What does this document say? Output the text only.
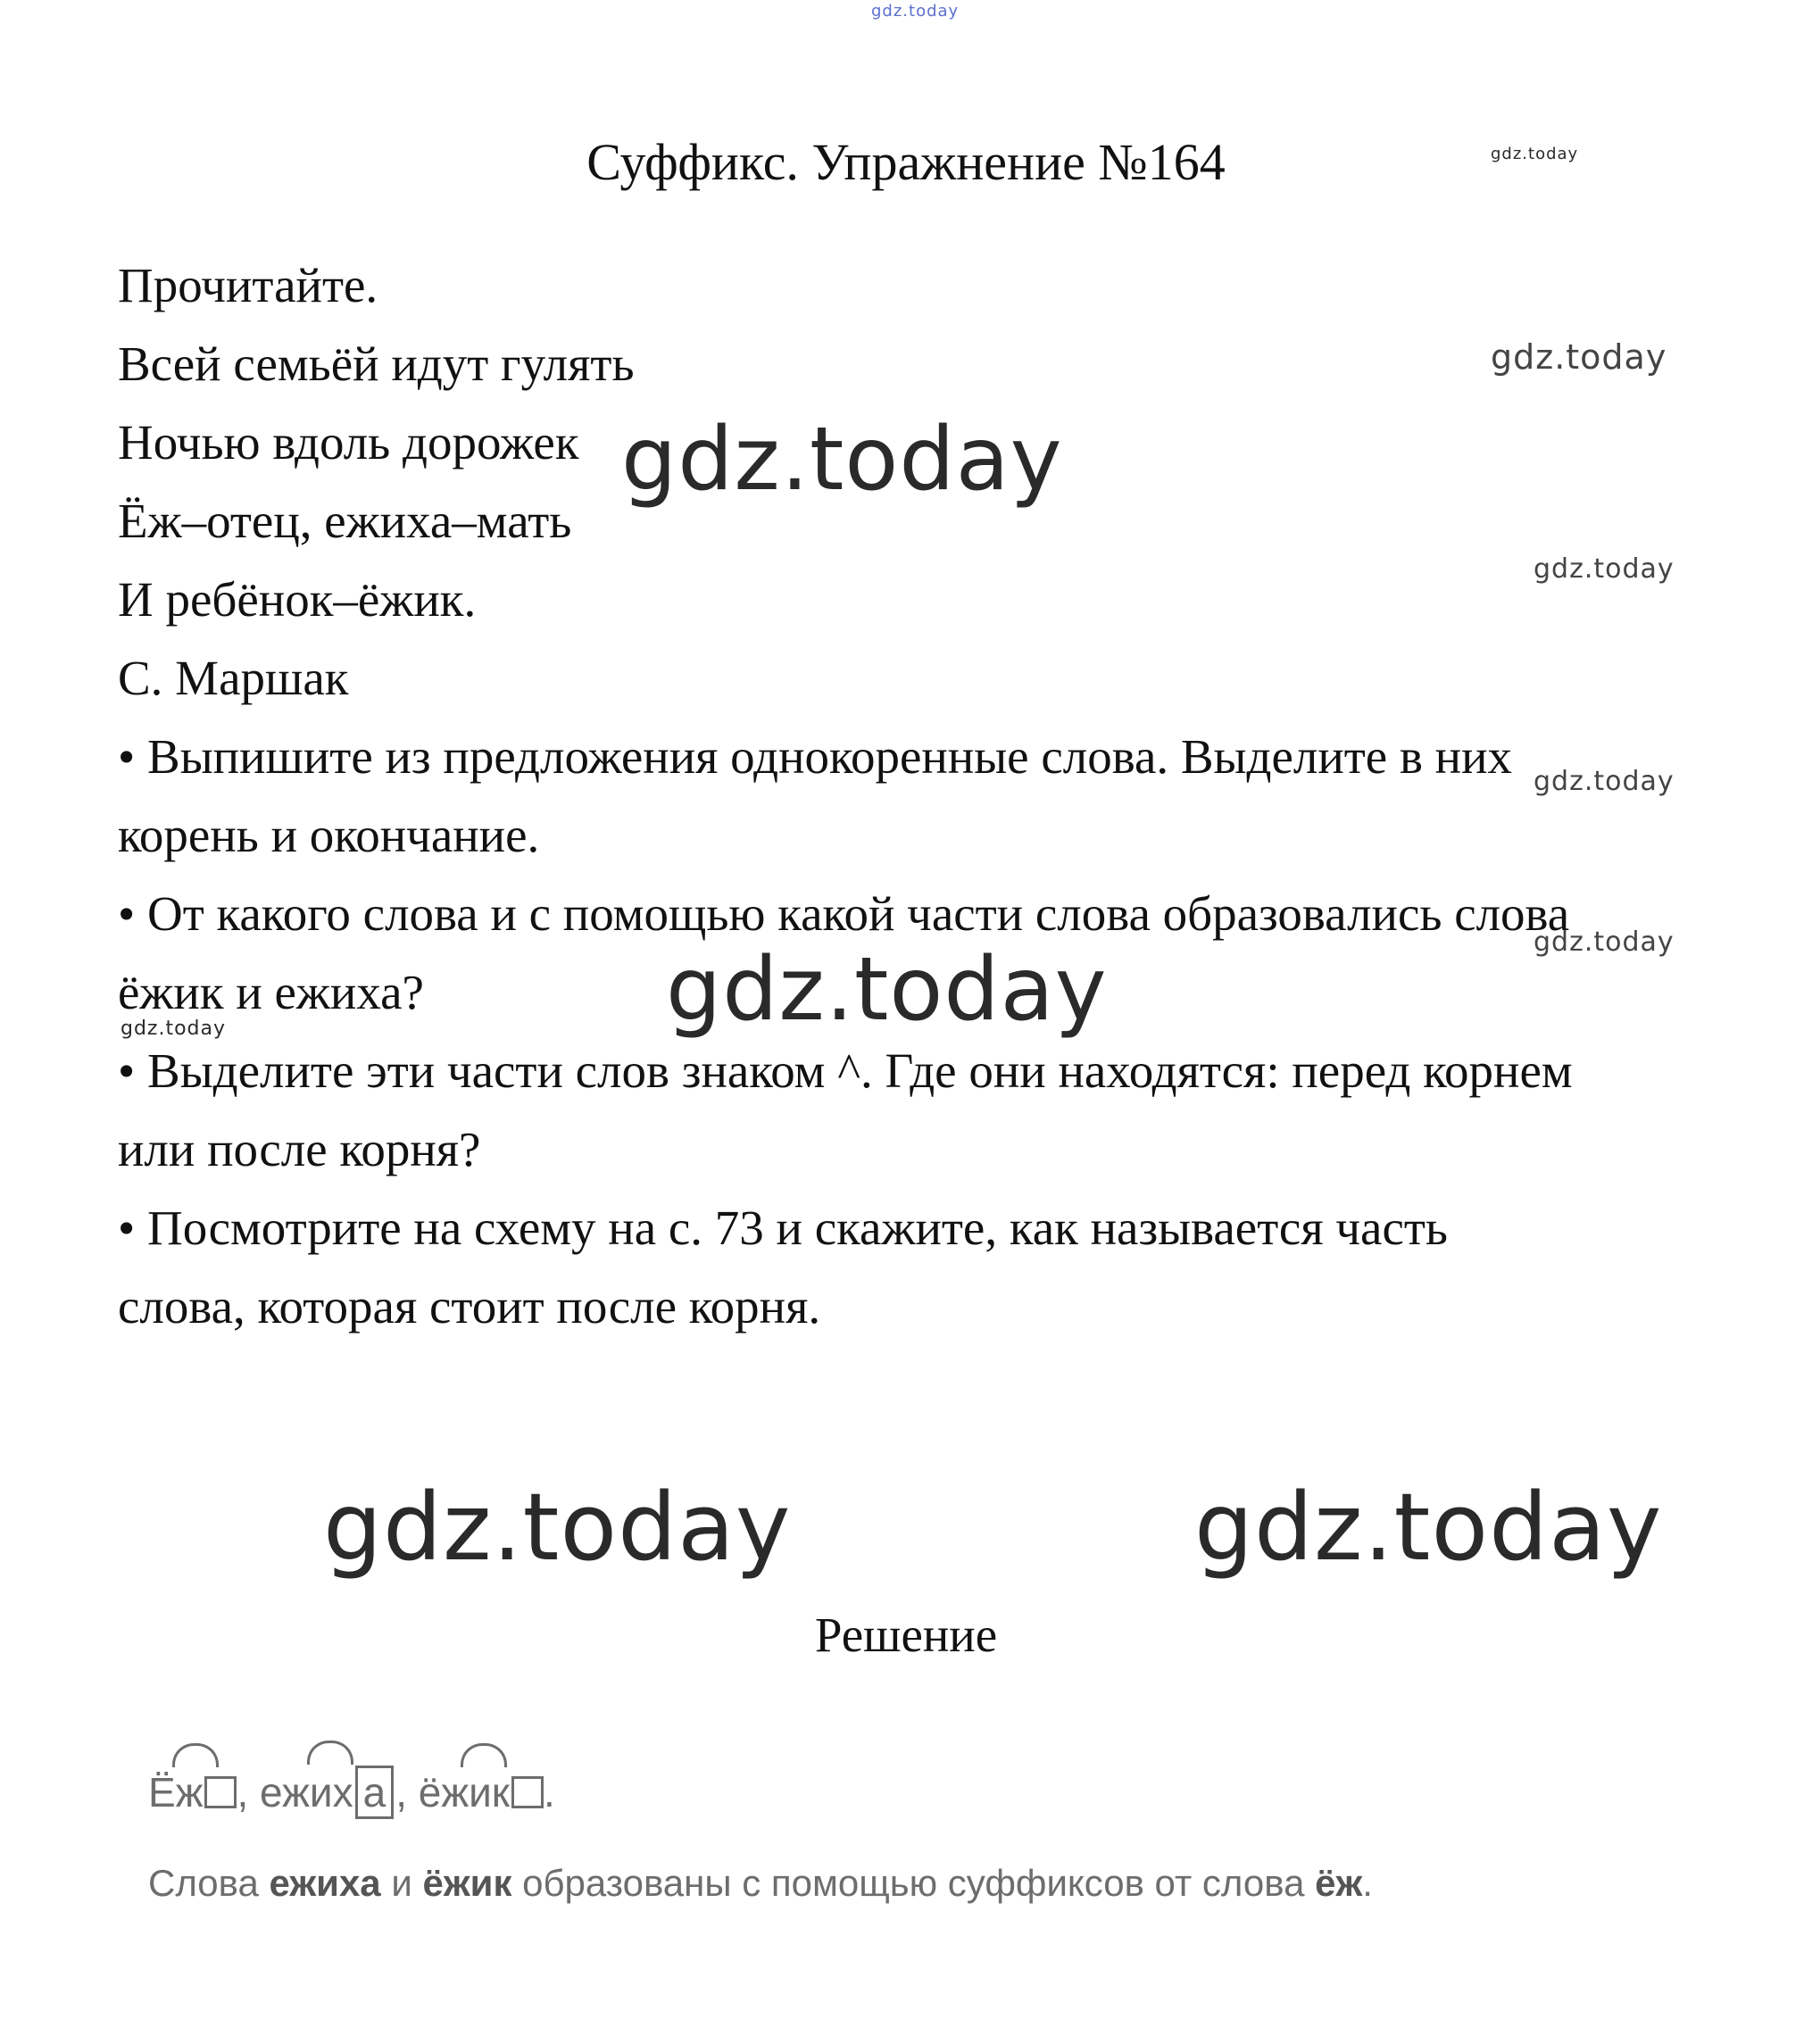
gdz.today
gdz.today
gdz.today
gdz.today
gdz.today
gdz.today
gdz.today
Суффикс. Упражнение №164
Прочитайте.
Всей семьёй идут гулять
Ночью вдоль дорожек
Ёж–отец, ежиха–мать
И ребёнок–ёжик.
С. Маршак
• Выпишите из предложения однокоренные слова. Выделите в них
корень и окончание.
• От какого слова и с помощью какой части слова образовались слова
ёжик и ежиха?
• Выделите эти части слов знаком ^. Где они находятся: перед корнем
или после корня?
• Посмотрите на схему на с. 73 и скажите, как называется часть
слова, которая стоит после корня.
gdz.today
gdz.today
gdz.today	gdz.today
Решение
Ёж ,
ежих а ,
ёжик .
Слова ежиха и ёжик образованы с помощью суффиксов от слова ёж.
